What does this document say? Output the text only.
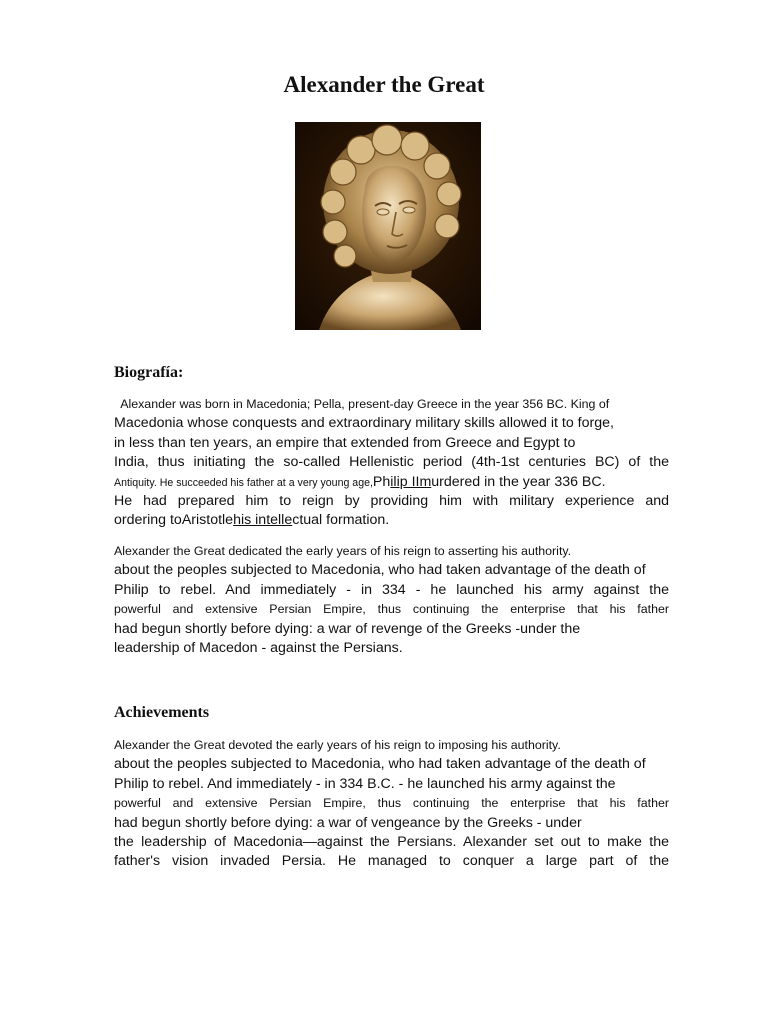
Alexander the Great
Biografía:
Alexander was born in Macedonia; Pella, present-day Greece in the year 356 BC. King of
Macedonia whose conquests and extraordinary military skills allowed it to forge,
in less than ten years, an empire that extended from Greece and Egypt to
India, thus initiating the so-called Hellenistic period (4th-1st centuries BC) of the
Antiquity. He succeeded his father at a very young age,Philip IImurdered in the year 336 BC.
He had prepared him to reign by providing him with military experience and
ordering toAristotlehis intellectual formation.
Alexander the Great dedicated the early years of his reign to asserting his authority.
about the peoples subjected to Macedonia, who had taken advantage of the death of
Philip to rebel. And immediately - in 334 - he launched his army against the
powerful and extensive Persian Empire, thus continuing the enterprise that his father
had begun shortly before dying: a war of revenge of the Greeks -under the
leadership of Macedon - against the Persians.
Achievements
Alexander the Great devoted the early years of his reign to imposing his authority.
about the peoples subjected to Macedonia, who had taken advantage of the death of
Philip to rebel. And immediately - in 334 B.C. - he launched his army against the
powerful and extensive Persian Empire, thus continuing the enterprise that his father
had begun shortly before dying: a war of vengeance by the Greeks - under
the leadership of Macedonia—against the Persians. Alexander set out to make the
father's vision invaded Persia. He managed to conquer a large part of the
